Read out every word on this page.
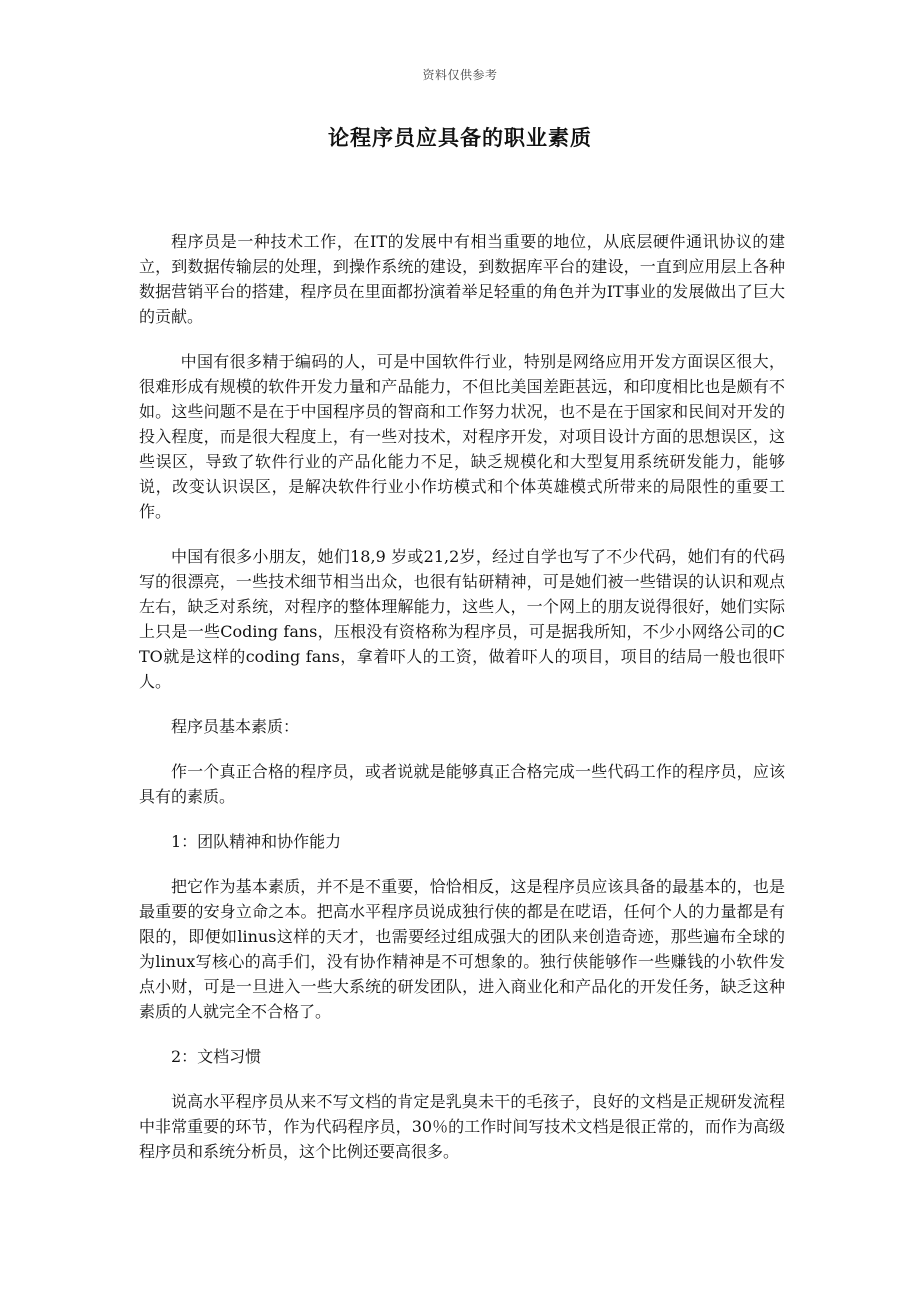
资料仅供参考
论程序员应具备的职业素质

程序员是一种技术工作，在IT的发展中有相当重要的地位，从底层硬件通讯协议的建立，到数据传输层的处理，到操作系统的建设，到数据库平台的建设，一直到应用层上各种数据营销平台的搭建，程序员在里面都扮演着举足轻重的角色并为IT事业的发展做出了巨大的贡献。

中国有很多精于编码的人，可是中国软件行业，特别是网络应用开发方面误区很大，很难形成有规模的软件开发力量和产品能力，不但比美国差距甚远，和印度相比也是颇有不如。这些问题不是在于中国程序员的智商和工作努力状况，也不是在于国家和民间对开发的投入程度，而是很大程度上，有一些对技术，对程序开发，对项目设计方面的思想误区，这些误区，导致了软件行业的产品化能力不足，缺乏规模化和大型复用系统研发能力，能够说，改变认识误区，是解决软件行业小作坊模式和个体英雄模式所带来的局限性的重要工作。

中国有很多小朋友，她们18,9 岁或21,2岁，经过自学也写了不少代码，她们有的代码写的很漂亮，一些技术细节相当出众，也很有钻研精神，可是她们被一些错误的认识和观点左右，缺乏对系统，对程序的整体理解能力，这些人，一个网上的朋友说得很好，她们实际上只是一些Coding fans，压根没有资格称为程序员，可是据我所知，不少小网络公司的CTO就是这样的coding fans，拿着吓人的工资，做着吓人的项目，项目的结局一般也很吓人。

程序员基本素质：

作一个真正合格的程序员，或者说就是能够真正合格完成一些代码工作的程序员，应该具有的素质。

1：团队精神和协作能力

把它作为基本素质，并不是不重要，恰恰相反，这是程序员应该具备的最基本的，也是最重要的安身立命之本。把高水平程序员说成独行侠的都是在呓语，任何个人的力量都是有限的，即便如linus这样的天才，也需要经过组成强大的团队来创造奇迹，那些遍布全球的为linux写核心的高手们，没有协作精神是不可想象的。独行侠能够作一些赚钱的小软件发点小财，可是一旦进入一些大系统的研发团队，进入商业化和产品化的开发任务，缺乏这种素质的人就完全不合格了。

2：文档习惯

说高水平程序员从来不写文档的肯定是乳臭未干的毛孩子，良好的文档是正规研发流程中非常重要的环节，作为代码程序员，30％的工作时间写技术文档是很正常的，而作为高级程序员和系统分析员，这个比例还要高很多。
